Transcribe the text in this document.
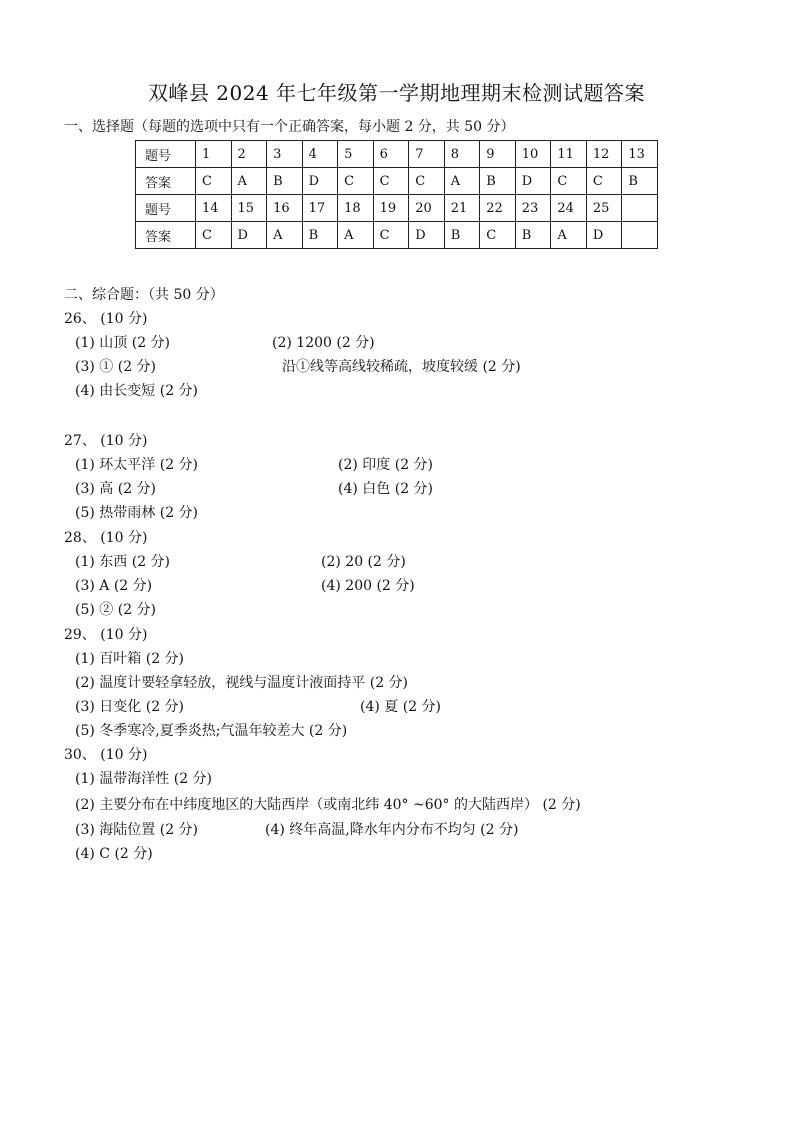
双峰县 2024 年七年级第一学期地理期末检测试题答案
一、选择题（每题的选项中只有一个正确答案，每小题 2 分，共 50 分）
题号	1	2	3	4	5	6	7	8	9	10	11	12	13
答案	C	A	B	D	C	C	C	A	B	D	C	C	B
题号	14	15	16	17	18	19	20	21	22	23	24	25	
答案	C	D	A	B	A	C	D	B	C	B	A	D	
二、综合题：（共 50 分）
26、 (10 分)
(1) 山顶 (2 分)	(2) 1200 (2 分)
(3) ① (2 分)	沿①线等高线较稀疏，坡度较缓 (2 分)
(4) 由长变短 (2 分)
27、 (10 分)
(1) 环太平洋 (2 分)	(2) 印度 (2 分)
(3) 高 (2 分)	(4) 白色 (2 分)
(5) 热带雨林 (2 分)
28、 (10 分)
(1) 东西 (2 分)	(2) 20 (2 分)
(3) A (2 分)	(4) 200 (2 分)
(5) ② (2 分)
29、 (10 分)
(1) 百叶箱 (2 分)
(2) 温度计要轻拿轻放，视线与温度计液面持平 (2 分)
(3) 日变化 (2 分)	(4) 夏 (2 分)
(5) 冬季寒冷,夏季炎热;气温年较差大 (2 分)
30、 (10 分)
(1) 温带海洋性 (2 分)
(2) 主要分布在中纬度地区的大陆西岸（或南北纬 40° ~60° 的大陆西岸） (2 分)
(3) 海陆位置 (2 分)	(4) 终年高温,降水年内分布不均匀 (2 分)
(4) C (2 分)
